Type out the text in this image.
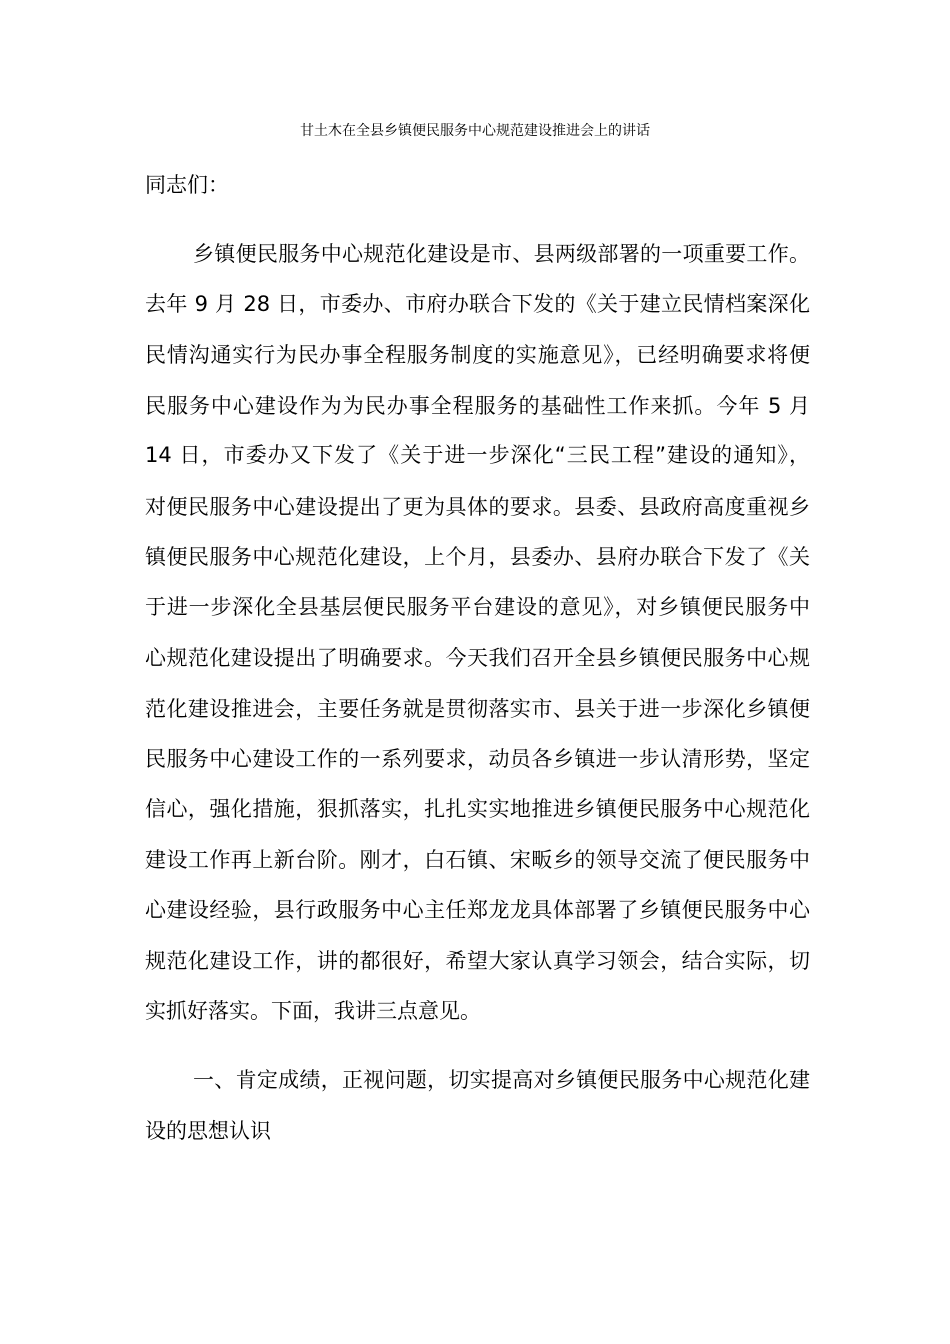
甘土木在全县乡镇便民服务中心规范建设推进会上的讲话
同志们：
乡镇便民服务中心规范化建设是市、县两级部署的一项重要工作。
去年 9 月 28 日，市委办、市府办联合下发的《关于建立民情档案深化
民情沟通实行为民办事全程服务制度的实施意见》，已经明确要求将便
民服务中心建设作为为民办事全程服务的基础性工作来抓。今年 5 月
14 日，市委办又下发了《关于进一步深化“三民工程”建设的通知》，
对便民服务中心建设提出了更为具体的要求。县委、县政府高度重视乡
镇便民服务中心规范化建设，上个月，县委办、县府办联合下发了《关
于进一步深化全县基层便民服务平台建设的意见》，对乡镇便民服务中
心规范化建设提出了明确要求。今天我们召开全县乡镇便民服务中心规
范化建设推进会，主要任务就是贯彻落实市、县关于进一步深化乡镇便
民服务中心建设工作的一系列要求，动员各乡镇进一步认清形势，坚定
信心，强化措施，狠抓落实，扎扎实实地推进乡镇便民服务中心规范化
建设工作再上新台阶。刚才，白石镇、宋畈乡的领导交流了便民服务中
心建设经验，县行政服务中心主任郑龙龙具体部署了乡镇便民服务中心
规范化建设工作，讲的都很好，希望大家认真学习领会，结合实际，切
实抓好落实。下面，我讲三点意见。
一、肯定成绩，正视问题，切实提高对乡镇便民服务中心规范化建
设的思想认识
